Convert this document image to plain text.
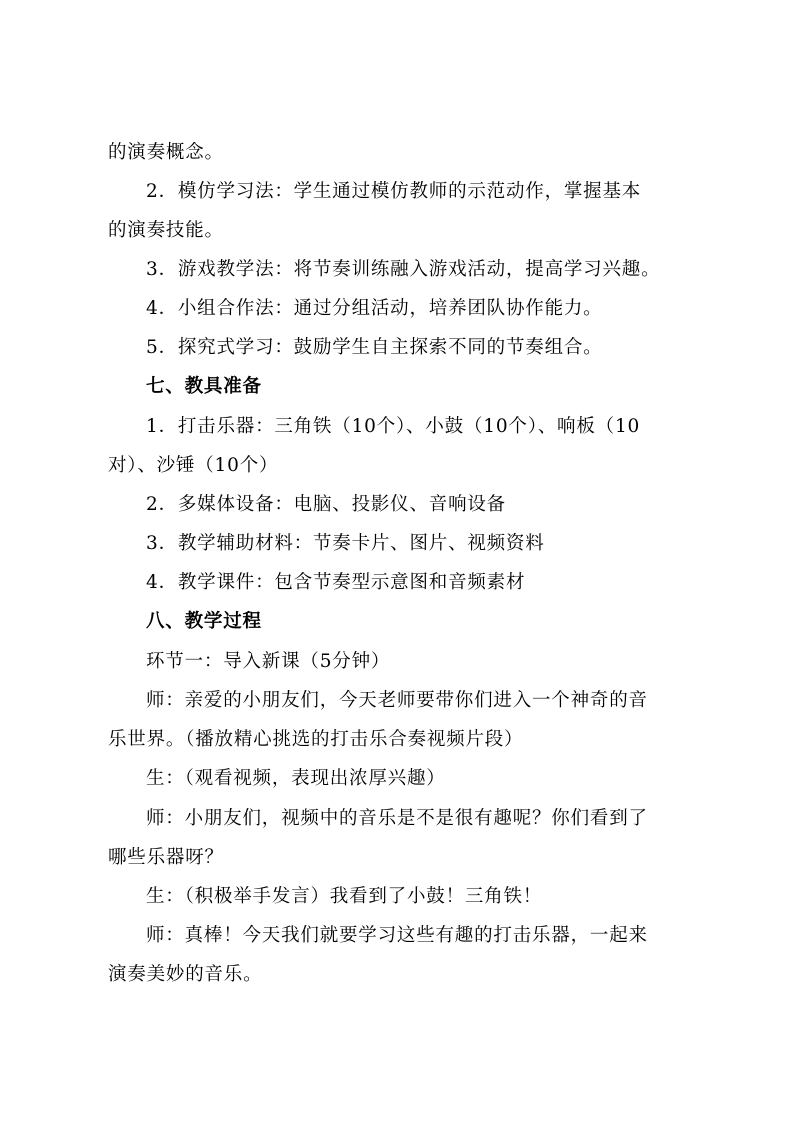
的演奏概念。
2．模仿学习法：学生通过模仿教师的示范动作，掌握基本
的演奏技能。
3．游戏教学法：将节奏训练融入游戏活动，提高学习兴趣。
4．小组合作法：通过分组活动，培养团队协作能力。
5．探究式学习：鼓励学生自主探索不同的节奏组合。
七、教具准备
1．打击乐器：三角铁（10个）、小鼓（10个）、响板（10
对）、沙锤（10个）
2．多媒体设备：电脑、投影仪、音响设备
3．教学辅助材料：节奏卡片、图片、视频资料
4．教学课件：包含节奏型示意图和音频素材
八、教学过程
环节一：导入新课（5分钟）
师：亲爱的小朋友们，今天老师要带你们进入一个神奇的音
乐世界。（播放精心挑选的打击乐合奏视频片段）
生：（观看视频，表现出浓厚兴趣）
师：小朋友们，视频中的音乐是不是很有趣呢？你们看到了
哪些乐器呀？
生：（积极举手发言）我看到了小鼓！三角铁！
师：真棒！今天我们就要学习这些有趣的打击乐器，一起来
演奏美妙的音乐。
